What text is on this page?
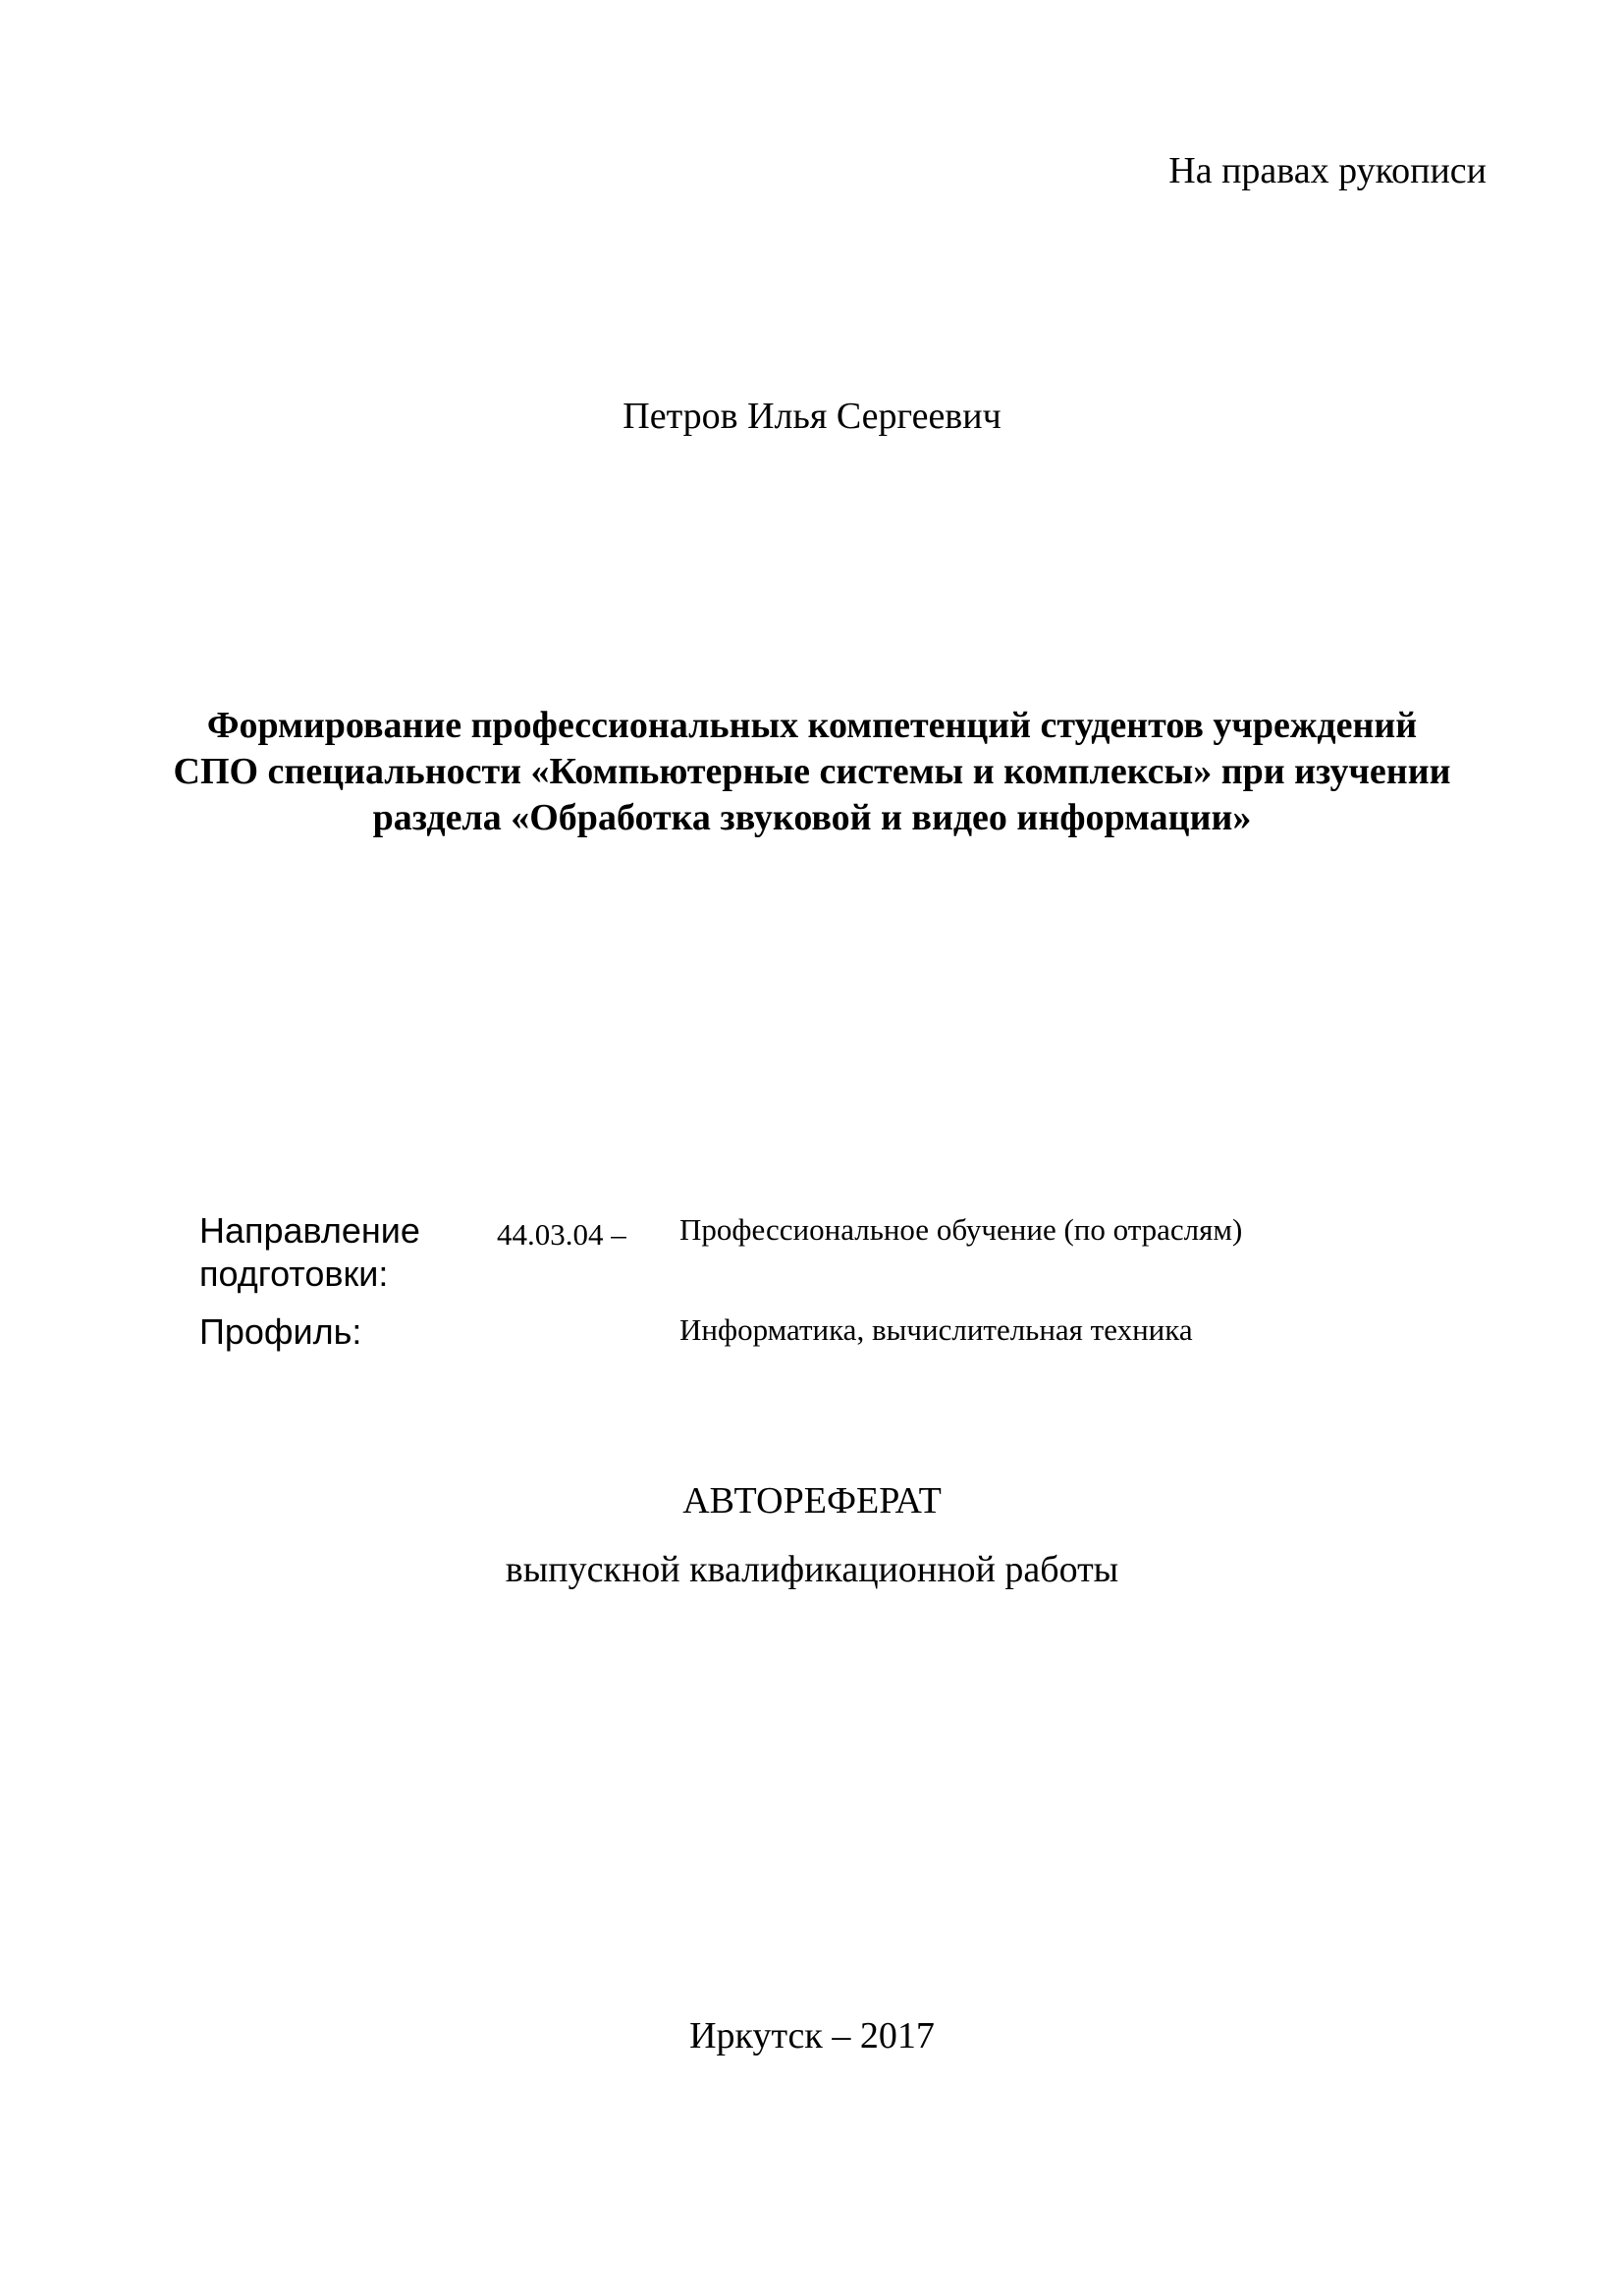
На правах рукописи
Петров Илья Сергеевич
Формирование профессиональных компетенций студентов учреждений
СПО специальности «Компьютерные системы и комплексы» при изучении
раздела «Обработка звуковой и видео информации»
Направление
подготовки:
44.03.04 – Профессиональное обучение (по отраслям)
Профиль:	Информатика, вычислительная техника
АВТОРЕФЕРАТ
выпускной квалификационной работы
Иркутск – 2017
